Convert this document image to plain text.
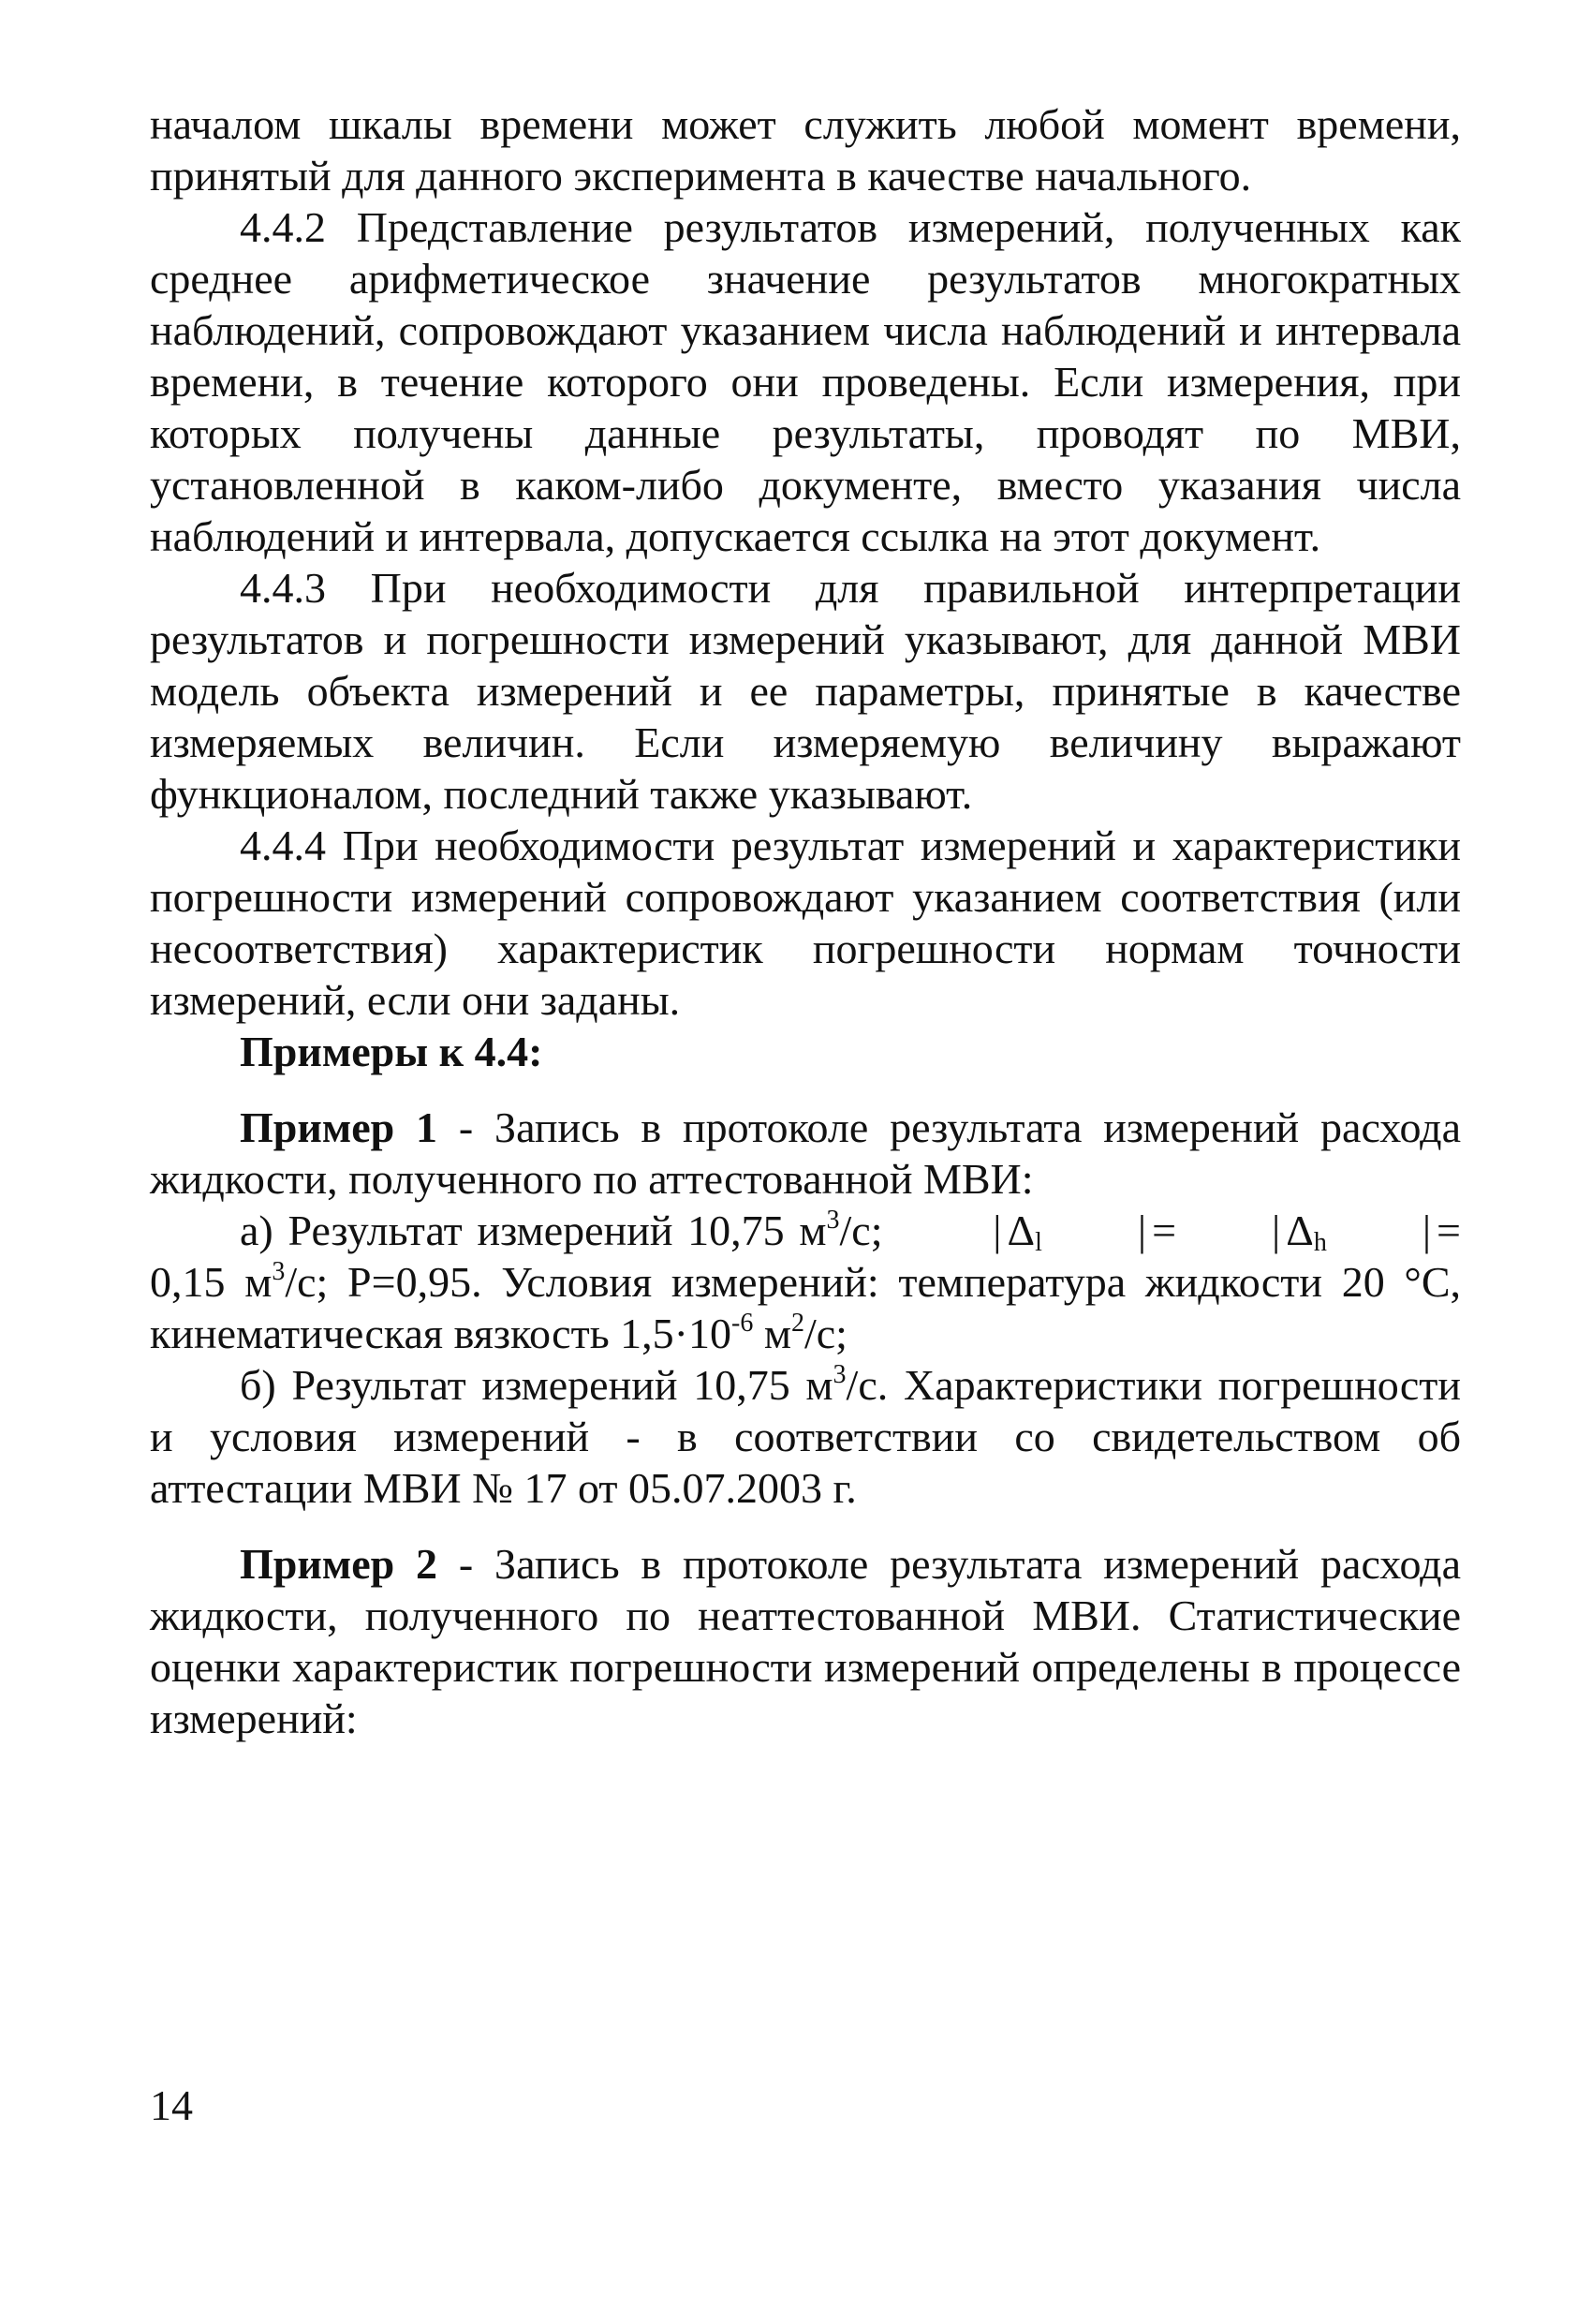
началом шкалы времени может служить любой момент времени, принятый для данного эксперимента в качестве начального.

4.4.2 Представление результатов измерений, полученных как среднее арифметическое значение результатов многократных наблюдений, сопровождают указанием числа наблюдений и интервала времени, в течение которого они проведены. Если измерения, при которых получены данные результаты, проводят по МВИ, установленной в каком-либо документе, вместо указания числа наблюдений и интервала, допускается ссылка на этот документ.

4.4.3 При необходимости для правильной интерпретации результатов и погрешности измерений указывают, для данной МВИ модель объекта измерений и ее параметры, принятые в качестве измеряемых величин. Если измеряемую величину выражают функционалом, последний также указывают.

4.4.4 При необходимости результат измерений и характеристики погрешности измерений сопровождают указанием соответствия (или несоответствия) характеристик погрешности нормам точности измерений, если они заданы.

Примеры к 4.4:

Пример 1 - Запись в протоколе результата измерений расхода жидкости, полученного по аттестованной МВИ:

а) Результат измерений 10,75 $м^3/с$; | $\Delta_l$ | = | $\Delta_h$ | = 0,15 $м^3/с$; P=0,95. Условия измерений: температура жидкости 20 °С, кинематическая вязкость $1,5\cdot 10^{-6}$ $м^2/с$;

б) Результат измерений 10,75 $м^3/с$. Характеристики погрешности и условия измерений - в соответствии со свидетельством об аттестации МВИ № 17 от 05.07.2003 г.

Пример 2 - Запись в протоколе результата измерений расхода жидкости, полученного по неаттестованной МВИ. Статистические оценки характеристик погрешности измерений определены в процессе измерений:

14
